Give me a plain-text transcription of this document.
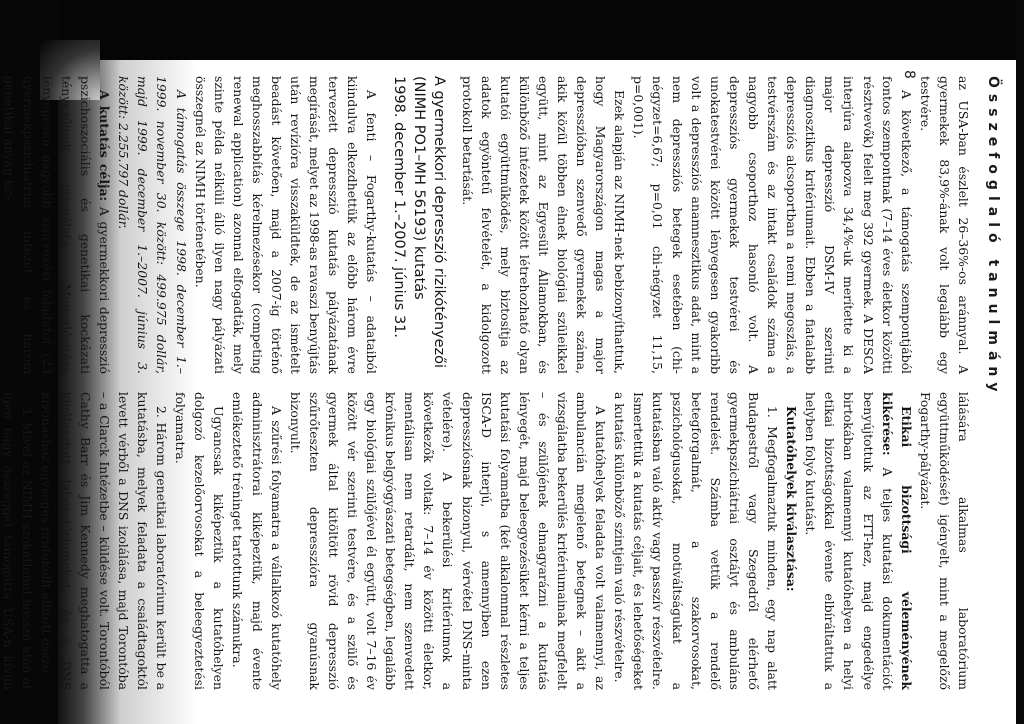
Összefoglaló tanulmány
8

az USA-ban észlelt 26–36%-os aránnyal. A gyermekek 83,9%-ának volt legalább egy testvére.

A következő, a támogatás szempontjából fontos szempontnak (7–14 éves életkor közötti résztvevők) felelt meg 392 gyermek. A DESCA interjúra alapozva 34,4%-uk merítette ki a major depresszió DSM-IV szerinti diagnosztikus kritériumait. Ebben a fiatalabb depressziós alcsoportban a nemi megoszlás, a testvérszám és az intakt családok száma a nagyobb csoporthoz hasonló volt. A depressziós gyermekek testvérei és unokatestvérei között lényegesen gyakoribb volt a depressziós anamnesztikus adat, mint a nem depressziós betegek esetében (chi-négyzet=6,67; p=0,01 chi-négyzet 11,15, p=0,001).

Ezek alapján az NIMH-nek bebizonyíthattuk, hogy Magyarországon magas a major depresszióban szenvedő gyermekek száma, akik közül többen élnek biológiai szüleikkel együtt, mint az Egyesült Államokban, és különböző intézetek között létrehozható olyan kutatói együttműködés, mely biztosítja az adatok egyöntetű felvételét, a kidolgozott protokoll betartását.

A gyermekkori depresszió rizikótényezői
(NIMH PO1–MH 56193) kutatás
1998. december 1.–2007. június 31.

A fenti – Fogarthy-kutatás – adataiból kiindulva elkezdhettük az előbb három évre tervezett depresszió kutatás pályázatának megírását, melyet az 1998-as ravaszi benyújtás után revízióra visszaküldtek, de az ismételt beadást követően, majd a 2007-ig történő meghosszabbítás kérelmezésekor (competing renewal application) azonnal elfogadták, mely szinte példa nélküli álló ilyen nagy pályázati összegnél az NIMH történetében.

A támogatás összege 1998. december 1.–1999. november 30. között: 499.975 dollár, majd 1999. december 1.–2007. június 3. között: 2.255.797 dollár.

A kutatás célja: A gyermekkori depresszió pszichoszociális és genetikai kockázati tényezőinek vizsgálata. Megvalósítása lényegesen nagyobb szervezési feladatot (23 gyermekpszichiátriai intézet és három genetikai anyag izo-

lálására alkalmas laboratórium együttműködését) igényelt, mint a megelőző Fogarthy-pályázat.

Etikai bizottsági véleményének kikérése: A teljes kutatási dokumentációt benyújtottuk az ETT-hez, majd engedélye birtokában valamennyi kutatóhelyen a helyi etikai bizottságokkal évente elbíráltattuk a helyben folyó kutatást.

Kutatóhelyek kiválasztása:

1. Megfogalmaztuk minden, egy nap alatt Budapestről vagy Szegedről elérhető gyermekpszichiátriai osztályt és ambuláns rendelést. Számba vettük a rendelő betegforgalmát, a szakorvosokat, pszichológusokat, motiváltságukat a kutatásban való aktív vagy passzív részvételre. Ismertettük a kutatás céljait, és lehetőségeket a kutatás különböző szintjein való részvételre.

A kutatóhelyek feladata volt valamennyi, az ambulancián megjelenő betegnek – akit a vizsgálatba bekerülés kritériumainak megfelelt – és szülőjének elmagyarázni a kutatás lényegét, majd beleegyezésüket kérni a teljes kutatási folyamatba (két alkalommal részletes ISCA-D interjú, s amennyiben ezen depressziósnak bizonyul, vérvétel DNS-minta vételére). A bekerülési kritériumok a következők voltak: 7–14 év közötti életkor, mentálisan nem retardált, nem szenvedett krónikus belgyógyászati betegségben, legalább egy biológiai szülőjével él együtt, volt 7–16 év között vér szerinti testvére, és a szülő és gyermek által kitöltött rövid depresszió szűrőteszten depresszióra gyanúsnak bizonyult.

A szűrési folyamatra a vállalkozó kutatóhely adminisztrátorai kiképeztük, majd évente emlékeztető tréninget tartottunk számukra.

Ugyancsak kiképeztük a kutatóhelyen dolgozó kezelőorvosokat a beleegyeztetési folyamatra.

2. Három genetikai laboratórium került be a kutatásba, melyek feladata a családtagoktól levett vérből a DNS izolálása, majd Torontóba – a Clarck Intézetbe – küldése volt. Torontóból Cathy Barr és Jim Kennedy meghatogatta a kiválasztott laboratóriumokat, és a DNS kivonáshoz egységes protokollt állított össze.

3. Mivel az NIMH szokatlanul hosszú időn át igen nagy összeggel támogatta USA-n kívüli
